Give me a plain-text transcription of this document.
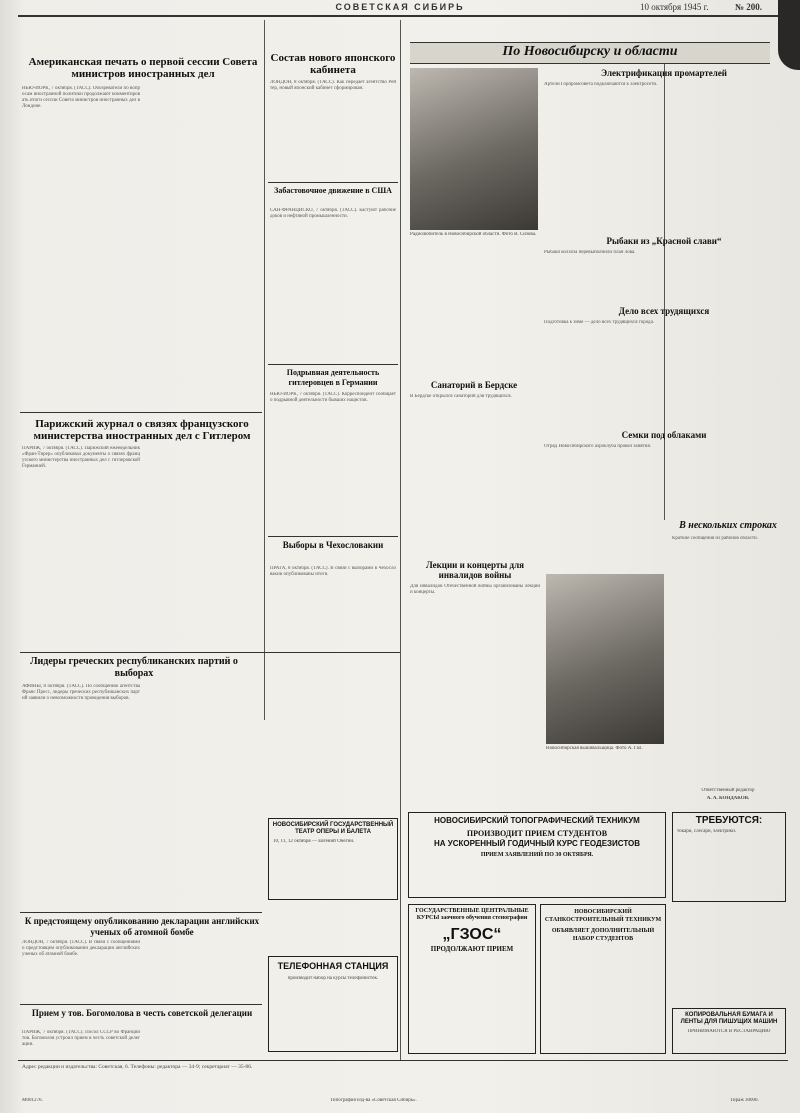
СОВЕТСКАЯ СИБИРЬ	10 октября 1945 г.	№ 200.
Американская печать о первой сессии Совета министров иностранных дел
НЬЮ-ЙОРК, 7 октября. (ТАСС). Обозреватели по вопросам иностранной политики продолжают комментировать итоги сессии Совета министров иностранных дел в Лондоне.
Парижский журнал о связях французского министерства иностранных дел с Гитлером
ПАРИЖ, 7 октября. (ТАСС). Парижский еженедельник «Фран-Тирер» опубликовал документы о связях французского министерства иностранных дел с гитлеровской Германией.
Лидеры греческих республиканских партий о выборах
АФИНЫ, 8 октября. (ТАСС). По сообщению агентства Франс Пресс, лидеры греческих республиканских партий заявили о невозможности проведения выборов.
К предстоящему опубликованию декларации английских ученых об атомной бомбе
ЛОНДОН, 7 октября. (ТАСС). В связи с сообщениями о предстоящем опубликовании декларации английских ученых об атомной бомбе.
Прием у тов. Богомолова в честь советской делегации
ПАРИЖ, 7 октября. (ТАСС). Посол СССР во Франции тов. Богомолов устроил прием в честь советской делегации.
Состав нового японского кабинета
ЛОНДОН, 8 октября. (ТАСС). Как передает агентство Рейтер, новый японский кабинет сформирован.
Забастовочное движение в США
САН-ФРАНЦИСКО, 7 октября. (ТАСС). Бастуют рабочие доков и нефтяной промышленности.
Подрывная деятельность гитлеровцев в Германии
НЬЮ-ЙОРК, 7 октября. (ТАСС). Корреспондент сообщает о подрывной деятельности бывших нацистов.
Выборы в Чехословакии
ПРАГА, 8 октября. (ТАСС). В связи с выборами в Чехословакии опубликованы итоги.
НОВОСИБИРСКИЙ ГОСУДАРСТВЕННЫЙ ТЕАТР ОПЕРЫ И БАЛЕТА
10, 11, 12 октября — Евгений Онегин.
ТЕЛЕФОННАЯ СТАНЦИЯ
производит набор на курсы телефонисток.
По Новосибирску и области
Радиолюбитель в Новосибирской области. Фото В. Сизова.
Электрификация промартелей
Артели Горпромсовета подключаются к электросети.
Рыбаки из „Красной слави“
Рыбаки колхоза перевыполнили план лова.
Дело всех трудящихся
Подготовка к зиме — дело всех трудящихся города.
Санаторий в Бердске
В Бердске открылся санаторий для трудящихся.
Семки под облаками
Отряд Новосибирского аэроклуба провел занятия.
В нескольких строках
Краткие сообщения из районов области.
Лекции и концерты для инвалидов войны
Для инвалидов Отечественной войны организованы лекции и концерты.
Новосибирская вышивальщица. Фото А. Гал.
Ответственный редактор
А. А. КОНДАКОВ.
НОВОСИБИРСКИЙ ТОПОГРАФИЧЕСКИЙ ТЕХНИКУМ
ПРОИЗВОДИТ ПРИЕМ СТУДЕНТОВ
НА УСКОРЕННЫЙ ГОДИЧНЫЙ КУРС ГЕОДЕЗИСТОВ
ПРИЕМ ЗАЯВЛЕНИЙ ПО 30 ОКТЯБРЯ.
ТРЕБУЮТСЯ:
токари, слесари, электрики.
ГОСУДАРСТВЕННЫЕ ЦЕНТРАЛЬНЫЕ КУРСЫ заочного обучения стенографии
„ГЗОС“
ПРОДОЛЖАЮТ ПРИЕМ
НОВОСИБИРСКИЙ СТАНКОСТРОИТЕЛЬНЫЙ ТЕХНИКУМ
ОБЪЯВЛЯЕТ ДОПОЛНИТЕЛЬНЫЙ НАБОР СТУДЕНТОВ
КОПИРОВАЛЬНАЯ БУМАГА И ЛЕНТЫ ДЛЯ ПИШУЩИХ МАШИН
ПРИНИМАЮТСЯ В РЕСТАВРАЦИЮ
Адрес редакции и издательства: Советская, 6. Телефоны: редактора — 34-9; секретариат — 35-86.
М001276.	Типография изд-ва «Советская Сибирь».	Тираж 30000.
